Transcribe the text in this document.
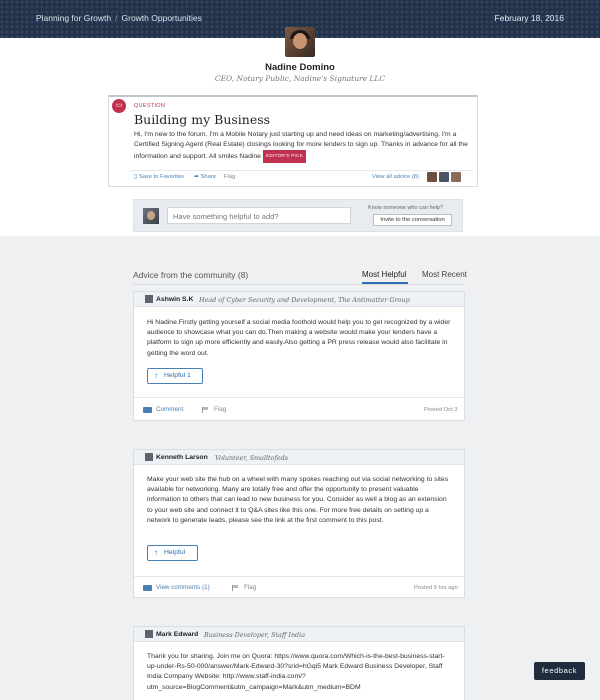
Planning for Growth / Growth Opportunities	February 18, 2016
Nadine Domino
CEO, Notary Public, Nadine's Signature LLC
▭	QUESTION
Building my Business
Hi, I'm new to the forum. I'm a Mobile Notary just starting up and need ideas on marketing/advertising. I'm a Certified Signing Agent (Real Estate) closings looking for more lenders to sign up. Thanks in advance for all the information and support. All smiles Nadine EDITOR'S PICK
▯ Save to Favorites ➦ Share Flag	View all advice (8)
Have something helpful to add?
Know someone who can help?
Invite to the conversation
Advice from the community (8)	Most Helpful Most Recent
Ashwin S.K Head of Cyber Security and Development, The Antimatter Group
Hi Nadine.Firstly getting yourself a social media foothold would help you to get recognized by a wider audience to showcase what you can do.Then making a website would make your lenders have a platform to sign up more efficiently and easily.Also getting a PR press release would also facilitate in getting the word out.
↑ Helpful 1
Comment	Flag	Posted Oct 3
Kenneth Larson Volunteer, Smalltofeds
Make your web site the hub on a wheel with many spokes reaching out via social networking to sites available for networking. Many are totally free and offer the opportunity to present valuable information to others that can lead to new business for you. Consider as well a blog as an extension to your web site and connect it to Q&A sites like this one. For more free details on setting up a network to generate leads, please see the link at the first comment to this post.
↑ Helpful
View comments (1)	Flag	Posted 9 hrs ago
Mark Edward Business Developer, Staff India
Thank you for sharing. Join me on Quora: https://www.quora.com/Which-is-the-best-business-start-up-under-Rs-50-000/answer/Mark-Edward-30?srid=hGqi5 Mark Edward Business Developer, Staff India Company Website: http://www.staff-india.com/?utm_source=BlogComment&utm_campaign=Mark&utm_medium=BDM
feedback
